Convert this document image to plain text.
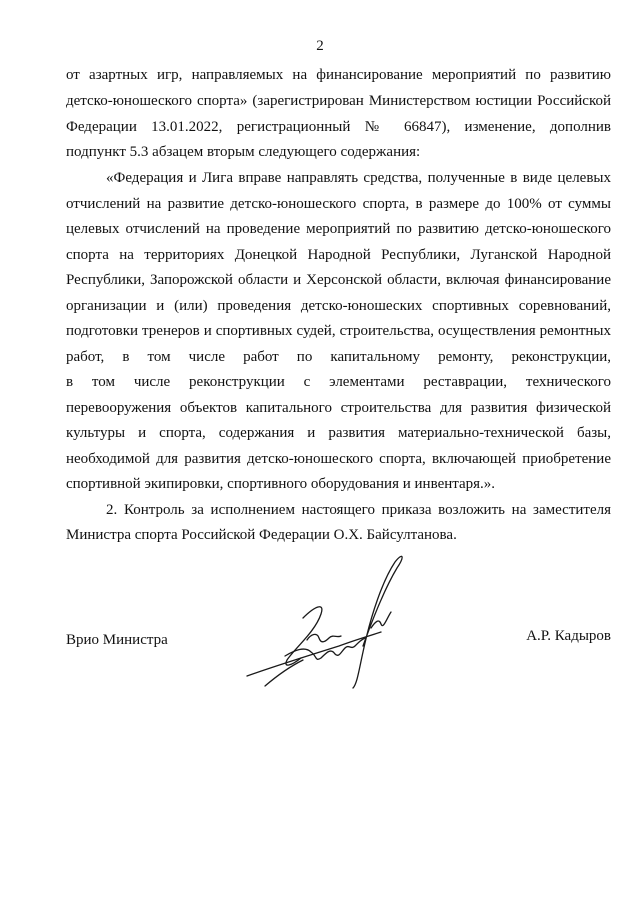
2
от азартных игр, направляемых на финансирование мероприятий по развитию
детско-юношеского спорта» (зарегистрирован Министерством юстиции Российской
Федерации 13.01.2022, регистрационный № 66847), изменение, дополнив
подпункт 5.3 абзацем вторым следующего содержания:
«Федерация и Лига вправе направлять средства, полученные в виде целевых
отчислений на развитие детско-юношеского спорта, в размере до 100% от суммы
целевых отчислений на проведение мероприятий по развитию детско-юношеского
спорта на территориях Донецкой Народной Республики, Луганской Народной
Республики, Запорожской области и Херсонской области, включая финансирование
организации и (или) проведения детско-юношеских спортивных соревнований,
подготовки тренеров и спортивных судей, строительства, осуществления ремонтных
работ, в том числе работ по капитальному ремонту, реконструкции,
в том числе реконструкции с элементами реставрации, технического
перевооружения объектов капитального строительства для развития физической
культуры и спорта, содержания и развития материально-технической базы,
необходимой для развития детско-юношеского спорта, включающей приобретение
спортивной экипировки, спортивного оборудования и инвентаря.».
2. Контроль за исполнением настоящего приказа возложить на заместителя
Министра спорта Российской Федерации О.Х. Байсултанова.
Врио Министра	А.Р. Кадыров
